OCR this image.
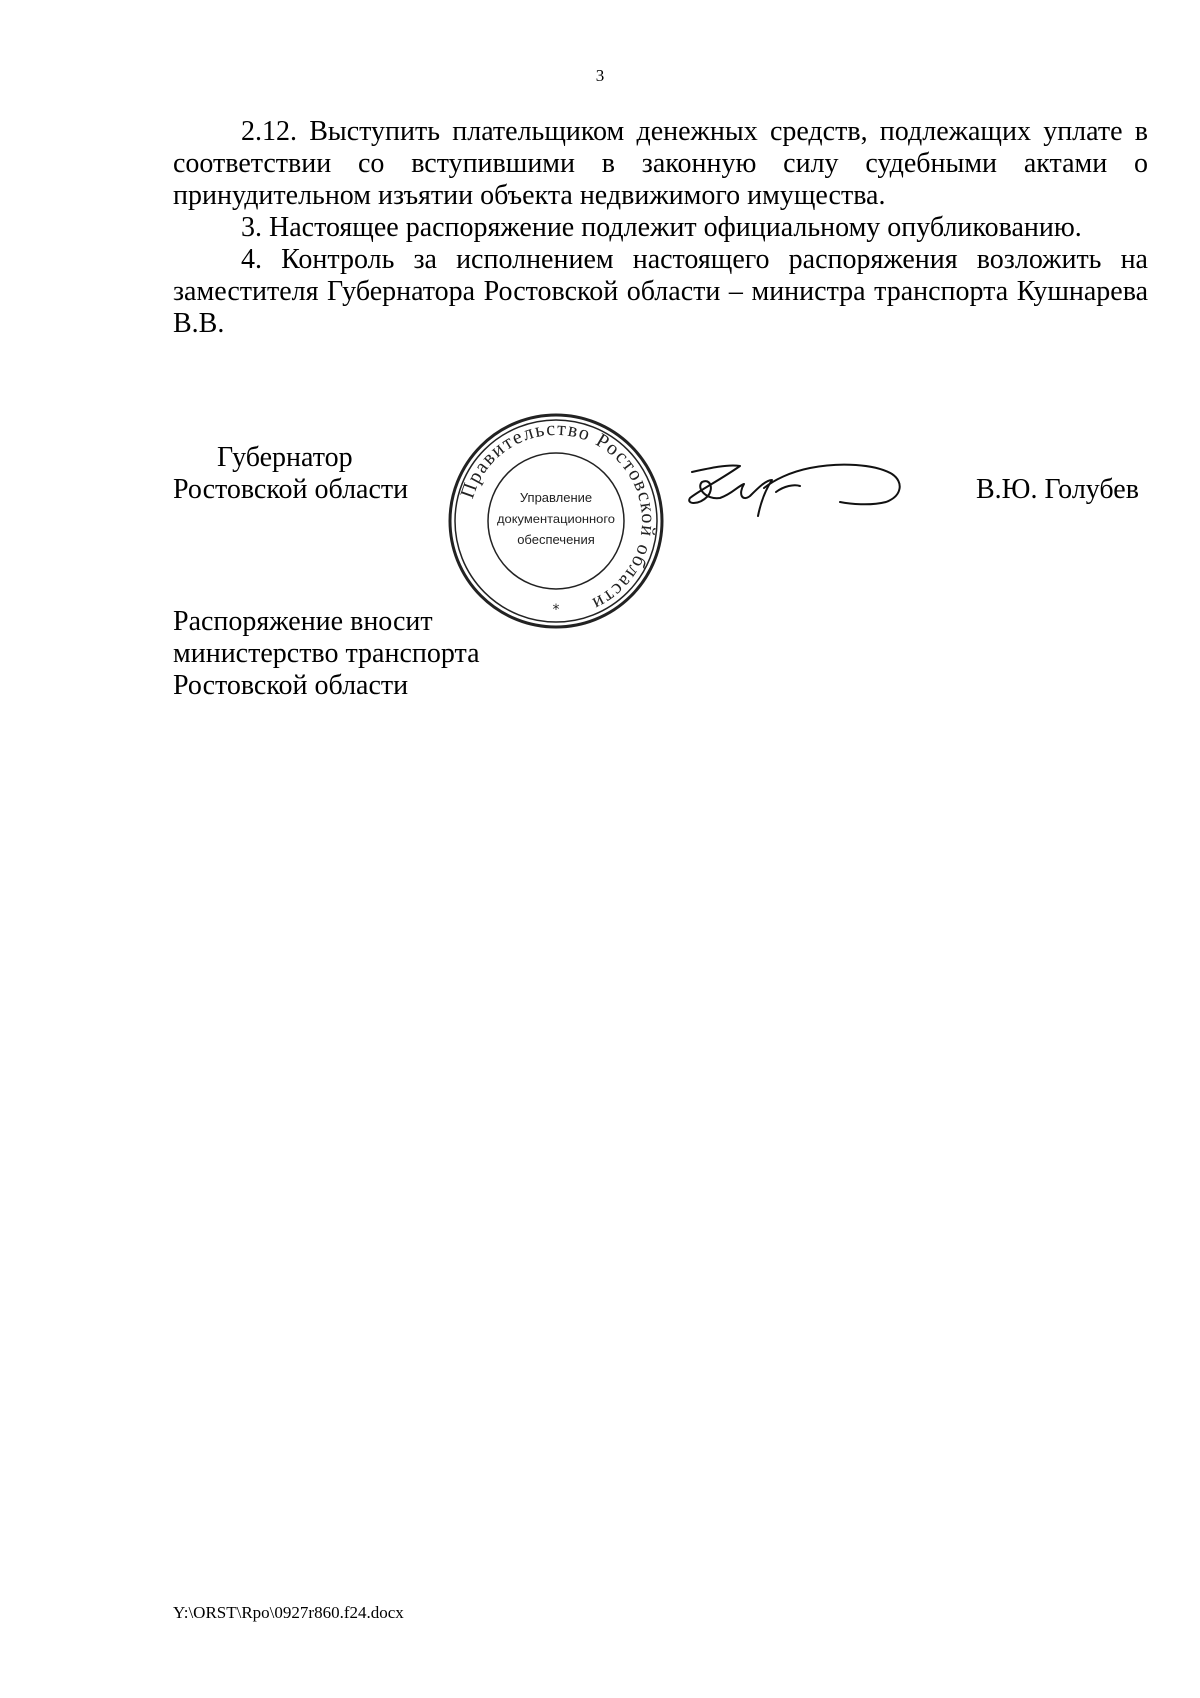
3

2.12. Выступить плательщиком денежных средств, подлежащих уплате в соответствии со вступившими в законную силу судебными актами о принудительном изъятии объекта недвижимого имущества.

3. Настоящее распоряжение подлежит официальному опубликованию.

4. Контроль за исполнением настоящего распоряжения возложить на заместителя Губернатора Ростовской области – министра транспорта Кушнарева В.В.

Губернатор
Ростовской области	Правительство Ростовской области
Управление
документационного
обеспечения
*
В.Ю. Голубев
Распоряжение вносит
министерство транспорта
Ростовской области
Y:\ORST\Rpo\0927r860.f24.docx
